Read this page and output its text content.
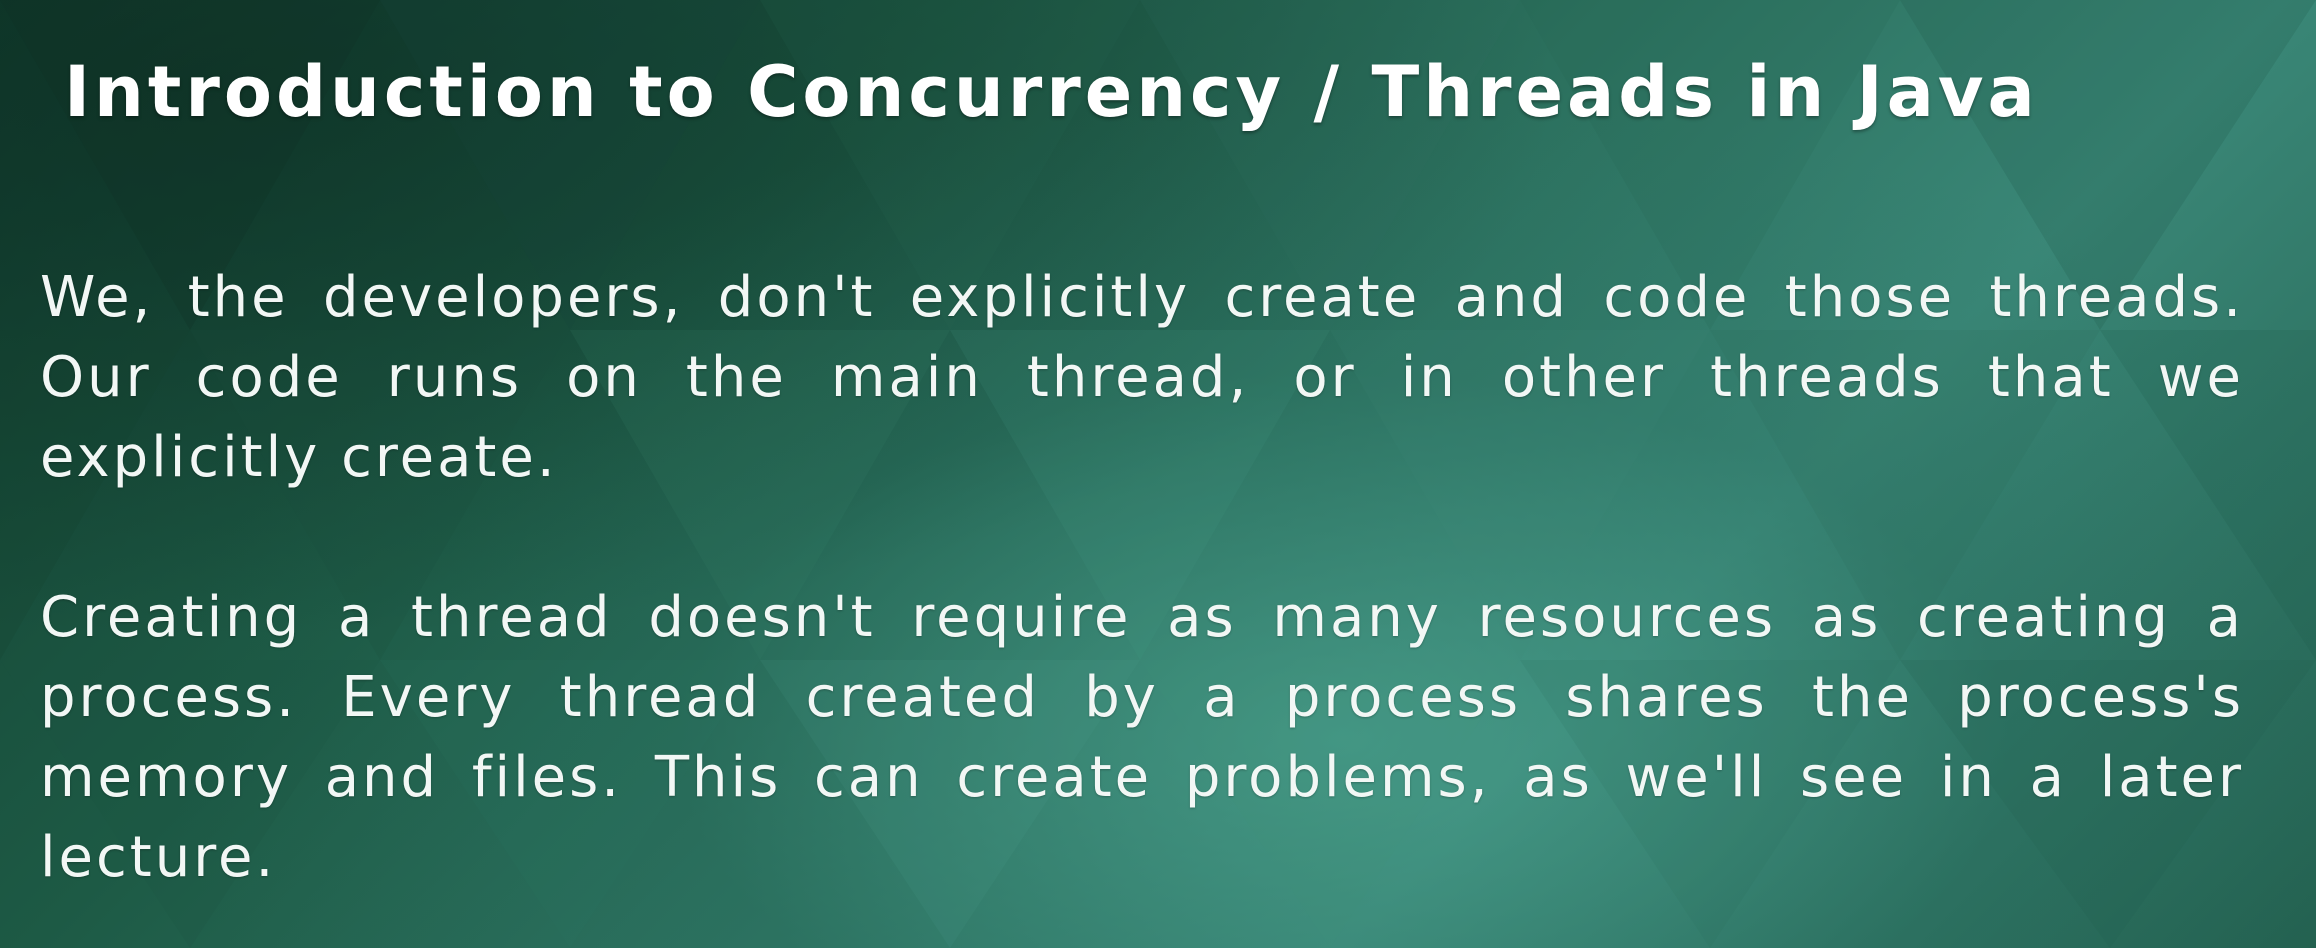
Introduction to Concurrency / Threads in Java

We, the developers, don't explicitly create and code those threads. Our code runs on the main thread, or in other threads that we explicitly create.

Creating a thread doesn't require as many resources as creating a process. Every thread created by a process shares the process's memory and files. This can create problems, as we'll see in a later lecture.
